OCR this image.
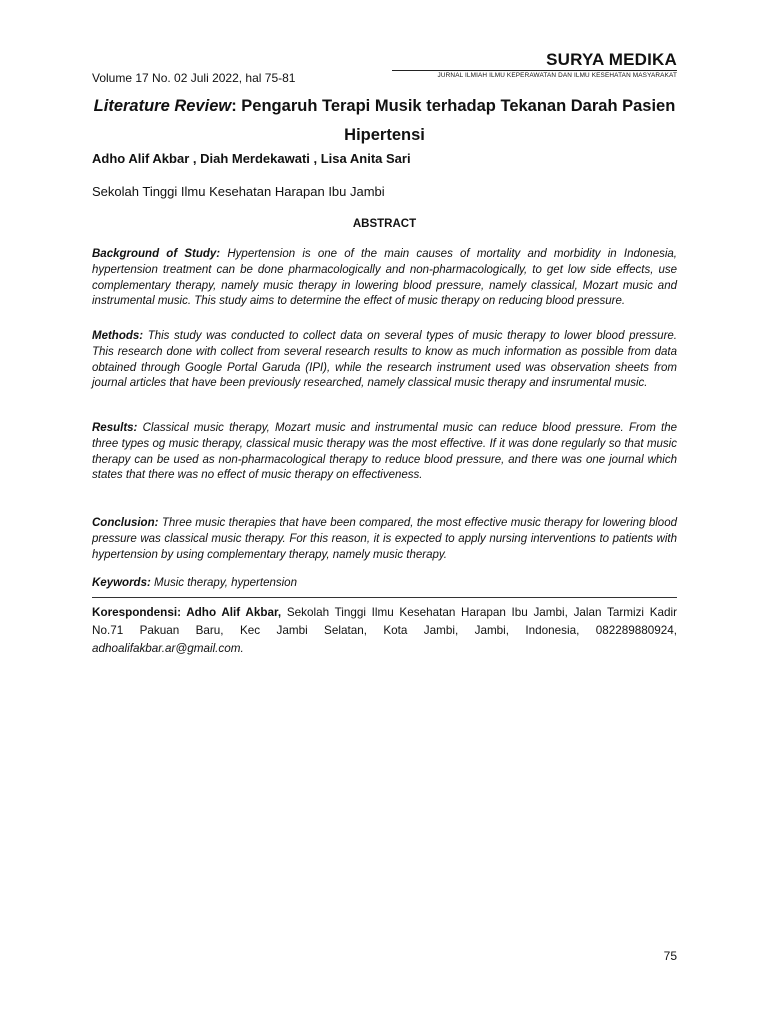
SURYA MEDIKA
Volume 17 No. 02 Juli 2022, hal 75-81	JURNAL ILMIAH ILMU KEPERAWATAN DAN ILMU KESEHATAN MASYARAKAT
Literature Review: Pengaruh Terapi Musik terhadap Tekanan Darah Pasien Hipertensi
Adho Alif Akbar , Diah Merdekawati , Lisa Anita Sari
Sekolah Tinggi Ilmu Kesehatan Harapan Ibu Jambi
ABSTRACT

Background of Study: Hypertension is one of the main causes of mortality and morbidity in Indonesia, hypertension treatment can be done pharmacologically and non-pharmacologically, to get low side effects, use complementary therapy, namely music therapy in lowering blood pressure, namely classical, Mozart music and instrumental music. This study aims to determine the effect of music therapy on reducing blood pressure.

Methods: This study was conducted to collect data on several types of music therapy to lower blood pressure. This research done with collect from several research results to know as much information as possible from data obtained through Google Portal Garuda (IPI), while the research instrument used was observation sheets from journal articles that have been previously researched, namely classical music therapy and insrumental music.

Results: Classical music therapy, Mozart music and instrumental music can reduce blood pressure. From the three types og music therapy, classical music therapy was the most effective. If it was done regularly so that music therapy can be used as non-pharmacological therapy to reduce blood pressure, and there was one journal which states that there was no effect of music therapy on effectiveness.

Conclusion: Three music therapies that have been compared, the most effective music therapy for lowering blood pressure was classical music therapy. For this reason, it is expected to apply nursing interventions to patients with hypertension by using complementary therapy, namely music therapy.

Keywords: Music therapy, hypertension

Korespondensi: Adho Alif Akbar, Sekolah Tinggi Ilmu Kesehatan Harapan Ibu Jambi, Jalan Tarmizi Kadir No.71 Pakuan Baru, Kec Jambi Selatan, Kota Jambi, Jambi, Indonesia, 082289880924, adhoalifakbar.ar@gmail.com.

75
